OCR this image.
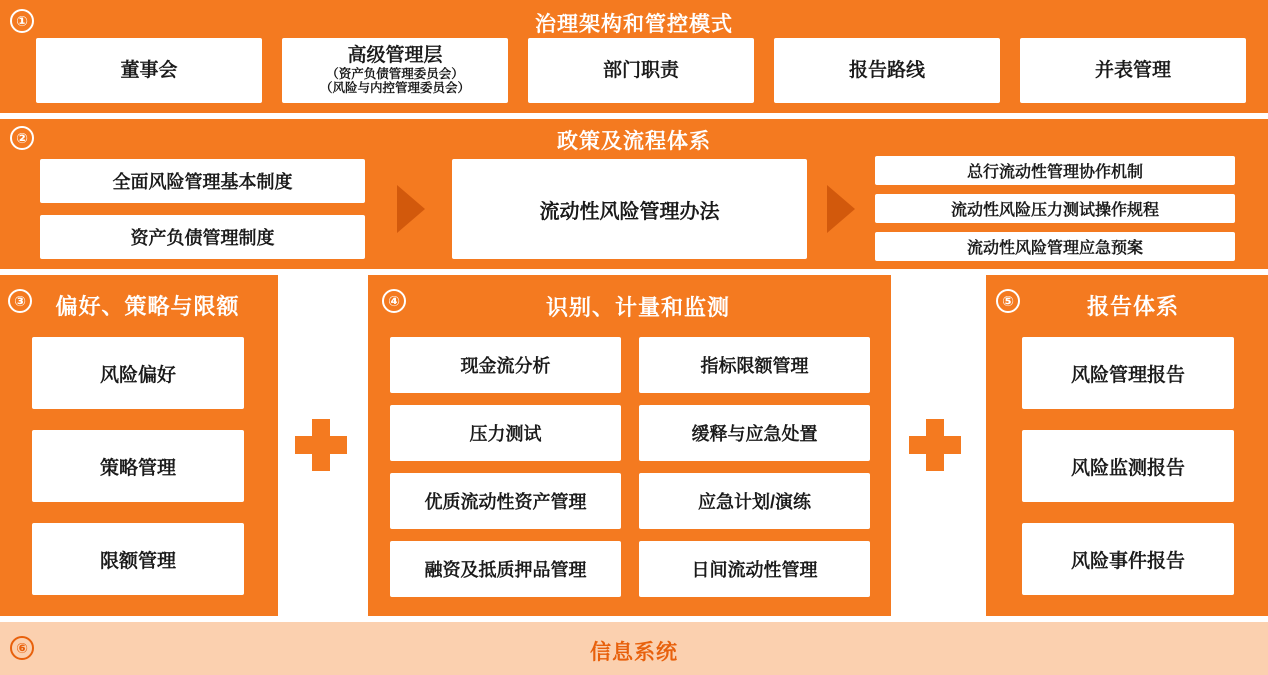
①	治理架构和管控模式
董事会
高级管理层
（资产负债管理委员会）
（风险与内控管理委员会）
部门职责	报告路线	并表管理
②	政策及流程体系
全面风险管理基本制度
资产负债管理制度
流动性风险管理办法
总行流动性管理协作机制
流动性风险压力测试操作规程
流动性风险管理应急预案
③	偏好、策略与限额
风险偏好
策略管理
限额管理
④	识别、计量和监测
现金流分析	指标限额管理
压力测试	缓释与应急处置
优质流动性资产管理	应急计划/演练
融资及抵质押品管理	日间流动性管理
⑤	报告体系
风险管理报告
风险监测报告
风险事件报告
⑥	信息系统
